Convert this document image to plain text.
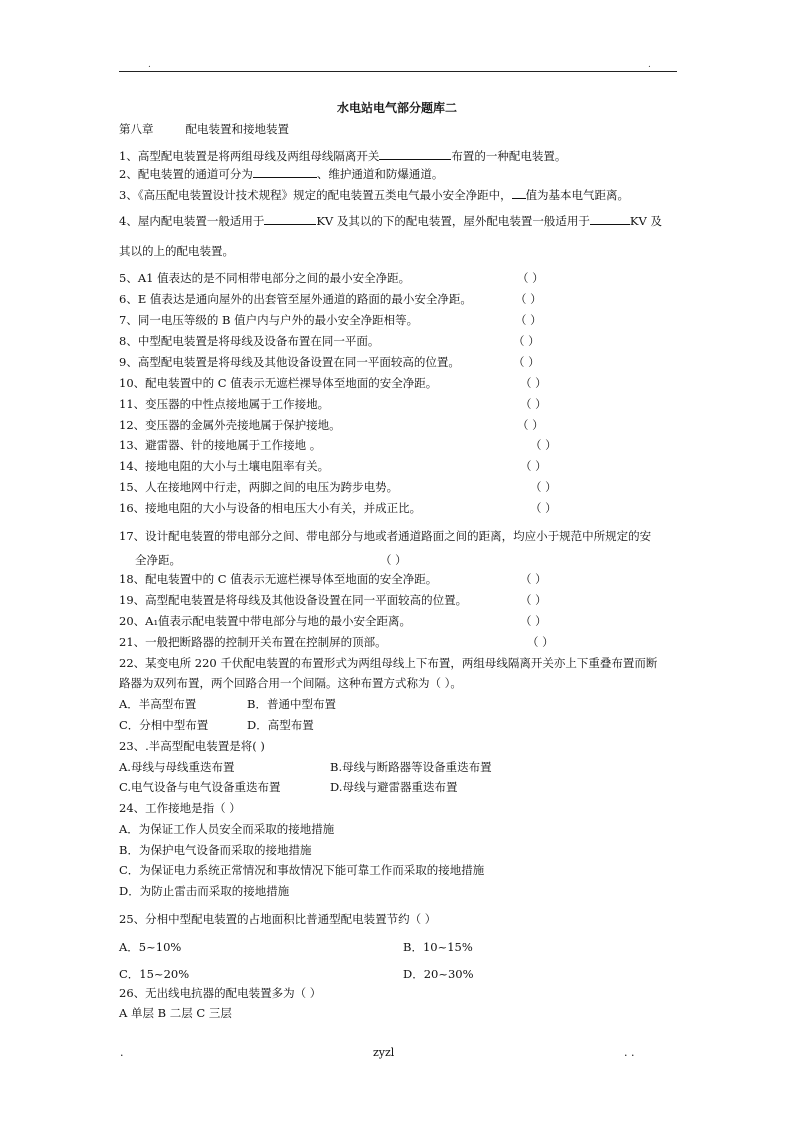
.	.
水电站电气部分题库二
第八章	配电装置和接地装置
1、高型配电装置是将两组母线及两组母线隔离开关	布置的一种配电装置。
2、配电装置的通道可分为	、维护通道和防爆通道。
3、《高压配电装置设计技术规程》规定的配电装置五类电气最小安全净距中， 值为基本电气距离。
4、屋内配电装置一般适用于	KV 及其以的下的配电装置，屋外配电装置一般适用于	KV 及
其以的上的配电装置。
5、A1 值表达的是不同相带电部分之间的最小安全净距。	（ ）
6、E 值表达是通向屋外的出套管至屋外通道的路面的最小安全净距。	（ ）
7、同一电压等级的 B 值户内与户外的最小安全净距相等。	（ ）
8、中型配电装置是将母线及设备布置在同一平面。	（ ）
9、高型配电装置是将母线及其他设备设置在同一平面较高的位置。	（ ）
10、配电装置中的 C 值表示无遮栏裸导体至地面的安全净距。	（ ）
11、变压器的中性点接地属于工作接地。	（ ）
12、变压器的金属外壳接地属于保护接地。	（ ）
13、避雷器、针的接地属于工作接地 。	（ ）
14、接地电阻的大小与土壤电阻率有关。	（ ）
15、人在接地网中行走，两脚之间的电压为跨步电势。	（ ）
16、接地电阻的大小与设备的相电压大小有关，并成正比。	（ ）
17、设计配电装置的带电部分之间、带电部分与地或者通道路面之间的距离，均应小于规范中所规定的安
全净距。	（ ）
18、配电装置中的 C 值表示无遮栏裸导体至地面的安全净距。	（ ）
19、高型配电装置是将母线及其他设备设置在同一平面较高的位置。	（ ）
20、A₁值表示配电装置中带电部分与地的最小安全距离。	（ ）
21、一般把断路器的控制开关布置在控制屏的顶部。	（ ）
22、某变电所 220 千伏配电装置的布置形式为两组母线上下布置，两组母线隔离开关亦上下重叠布置而断
路器为双列布置，两个回路合用一个间隔。这种布置方式称为（ ）。
A．半高型布置	B．普通中型布置
C．分相中型布置	D．高型布置
23、.半高型配电装置是将( )
A.母线与母线重迭布置	B.母线与断路器等设备重迭布置
C.电气设备与电气设备重迭布置	D.母线与避雷器重迭布置
24、工作接地是指（ ）
A．为保证工作人员安全而采取的接地措施
B．为保护电气设备而采取的接地措施
C．为保证电力系统正常情况和事故情况下能可靠工作而采取的接地措施
D．为防止雷击而采取的接地措施
25、分相中型配电装置的占地面积比普通型配电装置节约（ ）
A．5~10%	B．10~15%
C．15~20%	D．20~30%
26、无出线电抗器的配电装置多为（ ）
A 单层 B 二层 C 三层
.	zyzl	. .
